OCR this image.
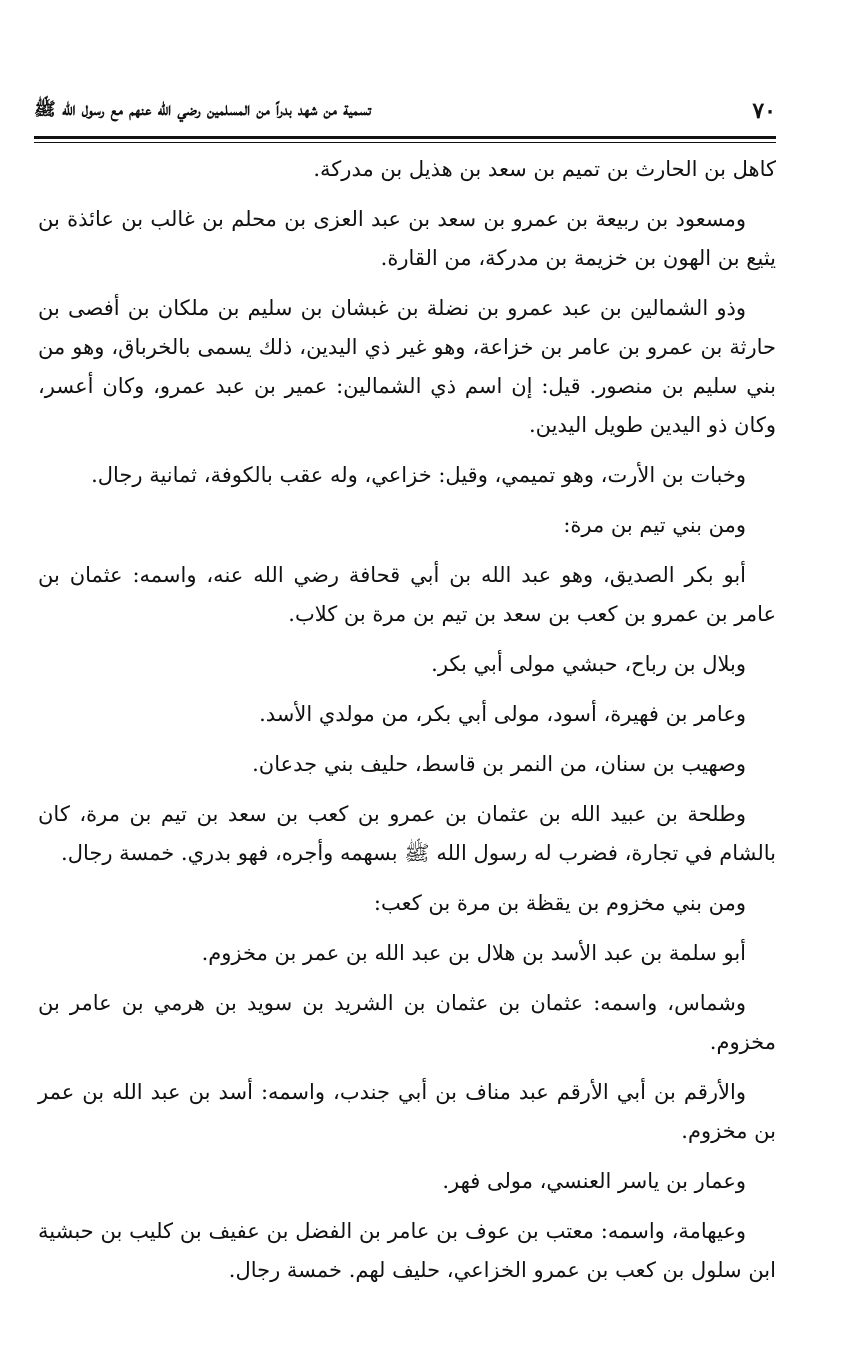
٧٠
تسمية من شهد بدراً من المسلمين رضي الله عنهم مع رسول الله ﷺ

كاهل بن الحارث بن تميم بن سعد بن هذيل بن مدركة.

ومسعود بن ربيعة بن عمرو بن سعد بن عبد العزى بن محلم بن غالب بن عائذة بن يثيع بن الهون بن خزيمة بن مدركة، من القارة.

وذو الشمالين بن عبد عمرو بن نضلة بن غبشان بن سليم بن ملكان بن أفصى بن حارثة بن عمرو بن عامر بن خزاعة، وهو غير ذي اليدين، ذلك يسمى بالخرباق، وهو من بني سليم بن منصور. قيل: إن اسم ذي الشمالين: عمير بن عبد عمرو، وكان أعسر، وكان ذو اليدين طويل اليدين.

وخبات بن الأرت، وهو تميمي، وقيل: خزاعي، وله عقب بالكوفة، ثمانية رجال.

ومن بني تيم بن مرة:

أبو بكر الصديق، وهو عبد الله بن أبي قحافة رضي الله عنه، واسمه: عثمان بن عامر بن عمرو بن كعب بن سعد بن تيم بن مرة بن كلاب.

وبلال بن رباح، حبشي مولى أبي بكر.

وعامر بن فهيرة، أسود، مولى أبي بكر، من مولدي الأسد.

وصهيب بن سنان، من النمر بن قاسط، حليف بني جدعان.

وطلحة بن عبيد الله بن عثمان بن عمرو بن كعب بن سعد بن تيم بن مرة، كان بالشام في تجارة، فضرب له رسول الله ﷺ بسهمه وأجره، فهو بدري. خمسة رجال.

ومن بني مخزوم بن يقظة بن مرة بن كعب:

أبو سلمة بن عبد الأسد بن هلال بن عبد الله بن عمر بن مخزوم.

وشماس، واسمه: عثمان بن عثمان بن الشريد بن سويد بن هرمي بن عامر بن مخزوم.

والأرقم بن أبي الأرقم عبد مناف بن أبي جندب، واسمه: أسد بن عبد الله بن عمر بن مخزوم.

وعمار بن ياسر العنسي، مولى فهر.

وعيهامة، واسمه: معتب بن عوف بن عامر بن الفضل بن عفيف بن كليب بن حبشية ابن سلول بن كعب بن عمرو الخزاعي، حليف لهم. خمسة رجال.
